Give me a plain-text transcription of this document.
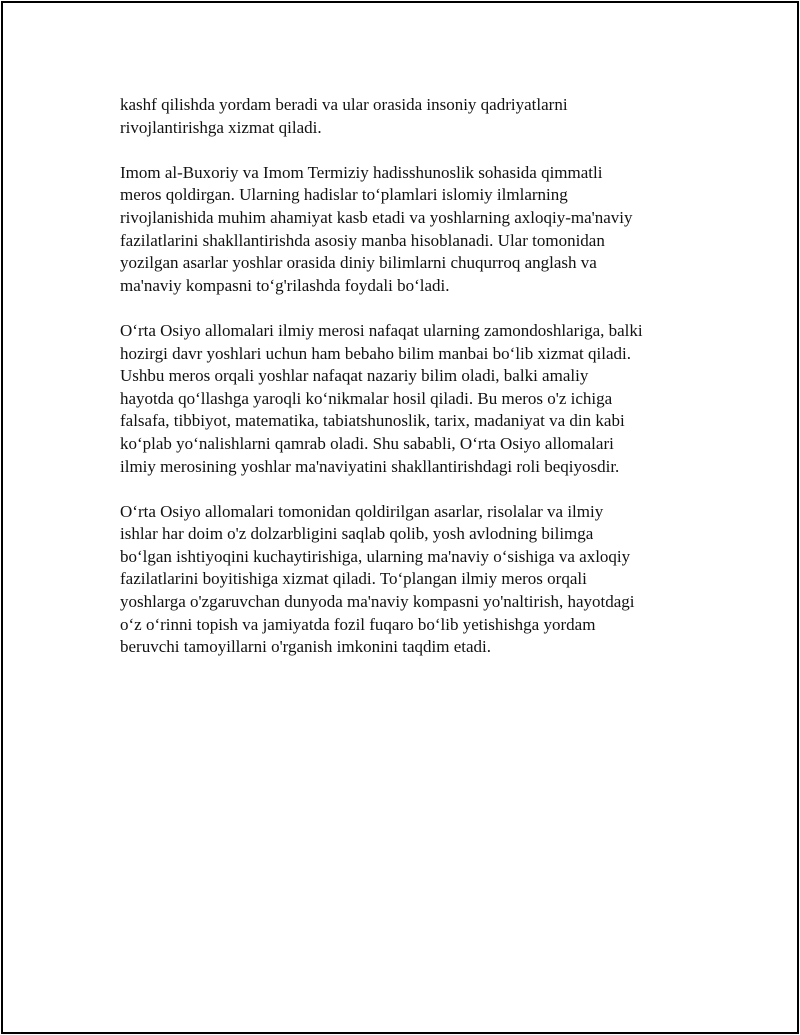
kashf qilishda yordam beradi va ular orasida insoniy qadriyatlarni
rivojlantirishga xizmat qiladi.

Imom al-Buxoriy va Imom Termiziy hadisshunoslik sohasida qimmatli
meros qoldirgan. Ularning hadislar to‘plamlari islomiy ilmlarning
rivojlanishida muhim ahamiyat kasb etadi va yoshlarning axloqiy-ma'naviy
fazilatlarini shakllantirishda asosiy manba hisoblanadi. Ular tomonidan
yozilgan asarlar yoshlar orasida diniy bilimlarni chuqurroq anglash va
ma'naviy kompasni to‘g'rilashda foydali bo‘ladi.

O‘rta Osiyo allomalari ilmiy merosi nafaqat ularning zamondoshlariga, balki
hozirgi davr yoshlari uchun ham bebaho bilim manbai bo‘lib xizmat qiladi.
Ushbu meros orqali yoshlar nafaqat nazariy bilim oladi, balki amaliy
hayotda qo‘llashga yaroqli ko‘nikmalar hosil qiladi. Bu meros o'z ichiga
falsafa, tibbiyot, matematika, tabiatshunoslik, tarix, madaniyat va din kabi
ko‘plab yo‘nalishlarni qamrab oladi. Shu sababli, O‘rta Osiyo allomalari
ilmiy merosining yoshlar ma'naviyatini shakllantirishdagi roli beqiyosdir.

O‘rta Osiyo allomalari tomonidan qoldirilgan asarlar, risolalar va ilmiy
ishlar har doim o'z dolzarbligini saqlab qolib, yosh avlodning bilimga
bo‘lgan ishtiyoqini kuchaytirishiga, ularning ma'naviy o‘sishiga va axloqiy
fazilatlarini boyitishiga xizmat qiladi. To‘plangan ilmiy meros orqali
yoshlarga o'zgaruvchan dunyoda ma'naviy kompasni yo'naltirish, hayotdagi
o‘z o‘rinni topish va jamiyatda fozil fuqaro bo‘lib yetishishga yordam
beruvchi tamoyillarni o'rganish imkonini taqdim etadi.
